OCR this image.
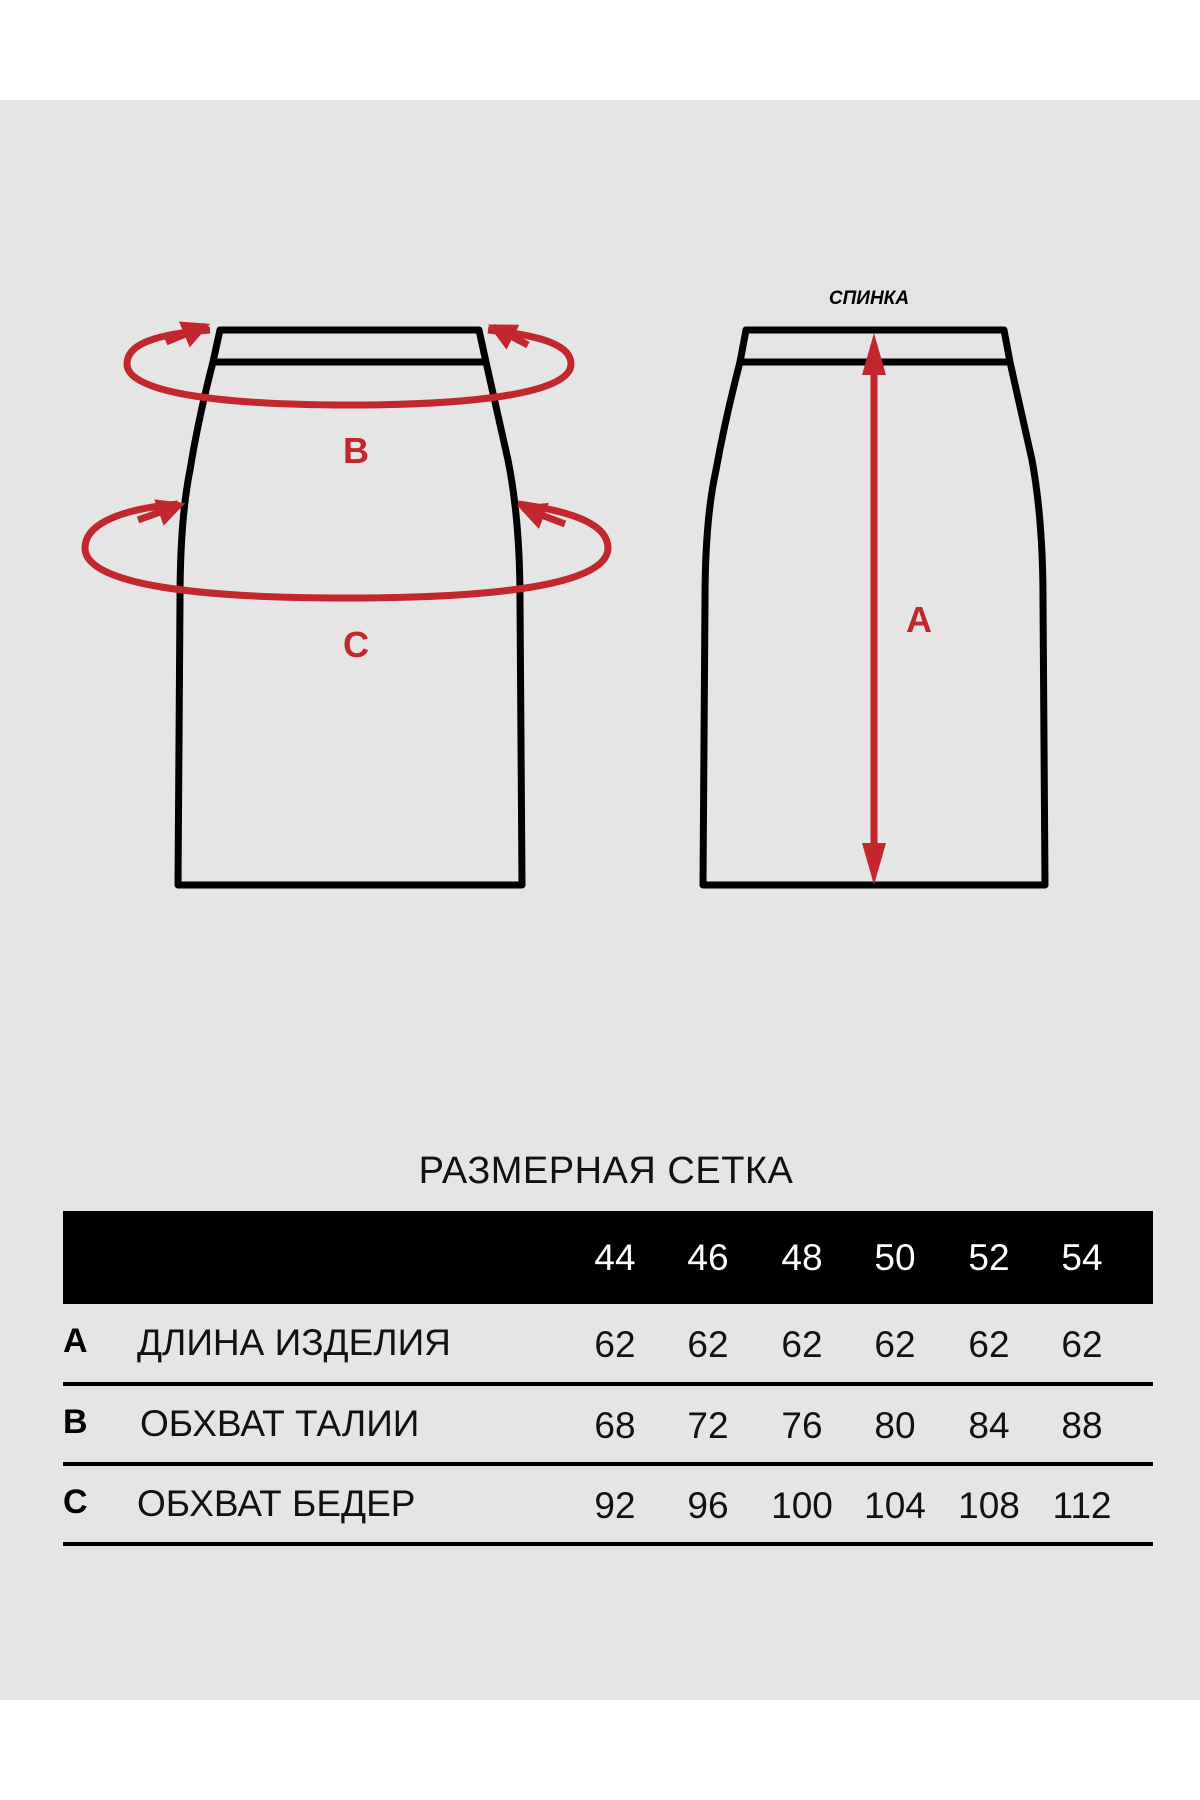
B
C
СПИНКА
A
РАЗМЕРНАЯ СЕТКА
44	46	48	50	52	54
A ДЛИНА ИЗДЕЛИЯ	62	62	62	62	62	62
B ОБХВАТ ТАЛИИ	68	72	76	80	84	88
C ОБХВАТ БЕДЕР	92	96	100 104 108 112
